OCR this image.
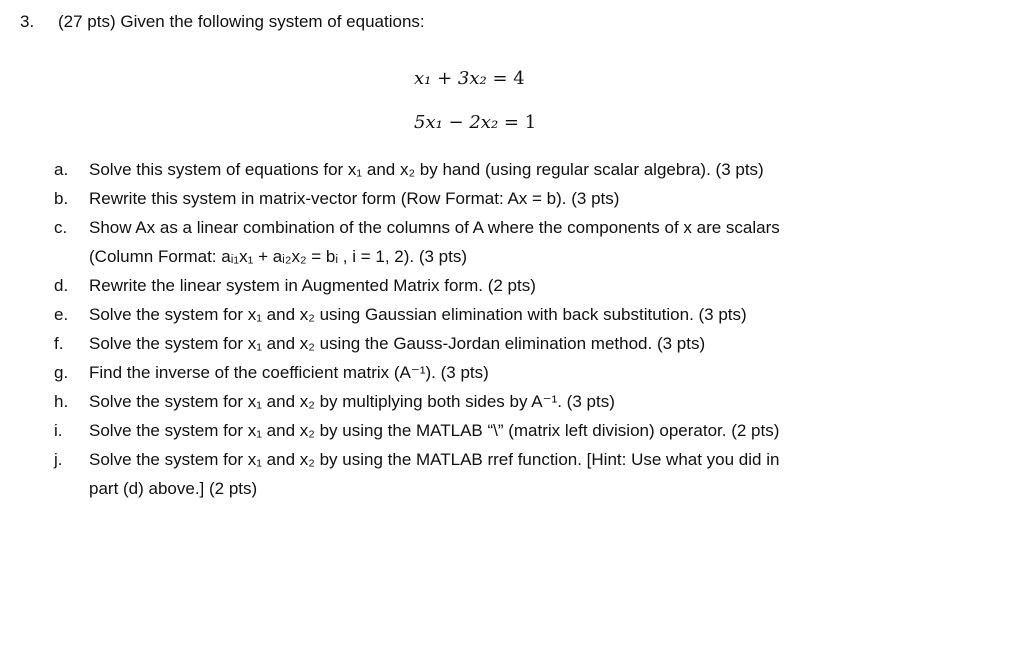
3. (27 pts) Given the following system of equations:
x₁ + 3x₂ = 4
5x₁ − 2x₂ = 1
a.	Solve this system of equations for x₁ and x₂ by hand (using regular scalar algebra). (3 pts)
b.	Rewrite this system in matrix-vector form (Row Format: Ax = b). (3 pts)
c.	Show Ax as a linear combination of the columns of A where the components of x are scalars
(Column Format: aᵢ₁x₁ + aᵢ₂x₂ = bᵢ , i = 1, 2). (3 pts)
d.	Rewrite the linear system in Augmented Matrix form. (2 pts)
e.	Solve the system for x₁ and x₂ using Gaussian elimination with back substitution. (3 pts)
f.	Solve the system for x₁ and x₂ using the Gauss-Jordan elimination method. (3 pts)
g.	Find the inverse of the coefficient matrix (A⁻¹). (3 pts)
h.	Solve the system for x₁ and x₂ by multiplying both sides by A⁻¹. (3 pts)
i.	Solve the system for x₁ and x₂ by using the MATLAB “\” (matrix left division) operator. (2 pts)
j.	Solve the system for x₁ and x₂ by using the MATLAB rref function. [Hint: Use what you did in
part (d) above.] (2 pts)
